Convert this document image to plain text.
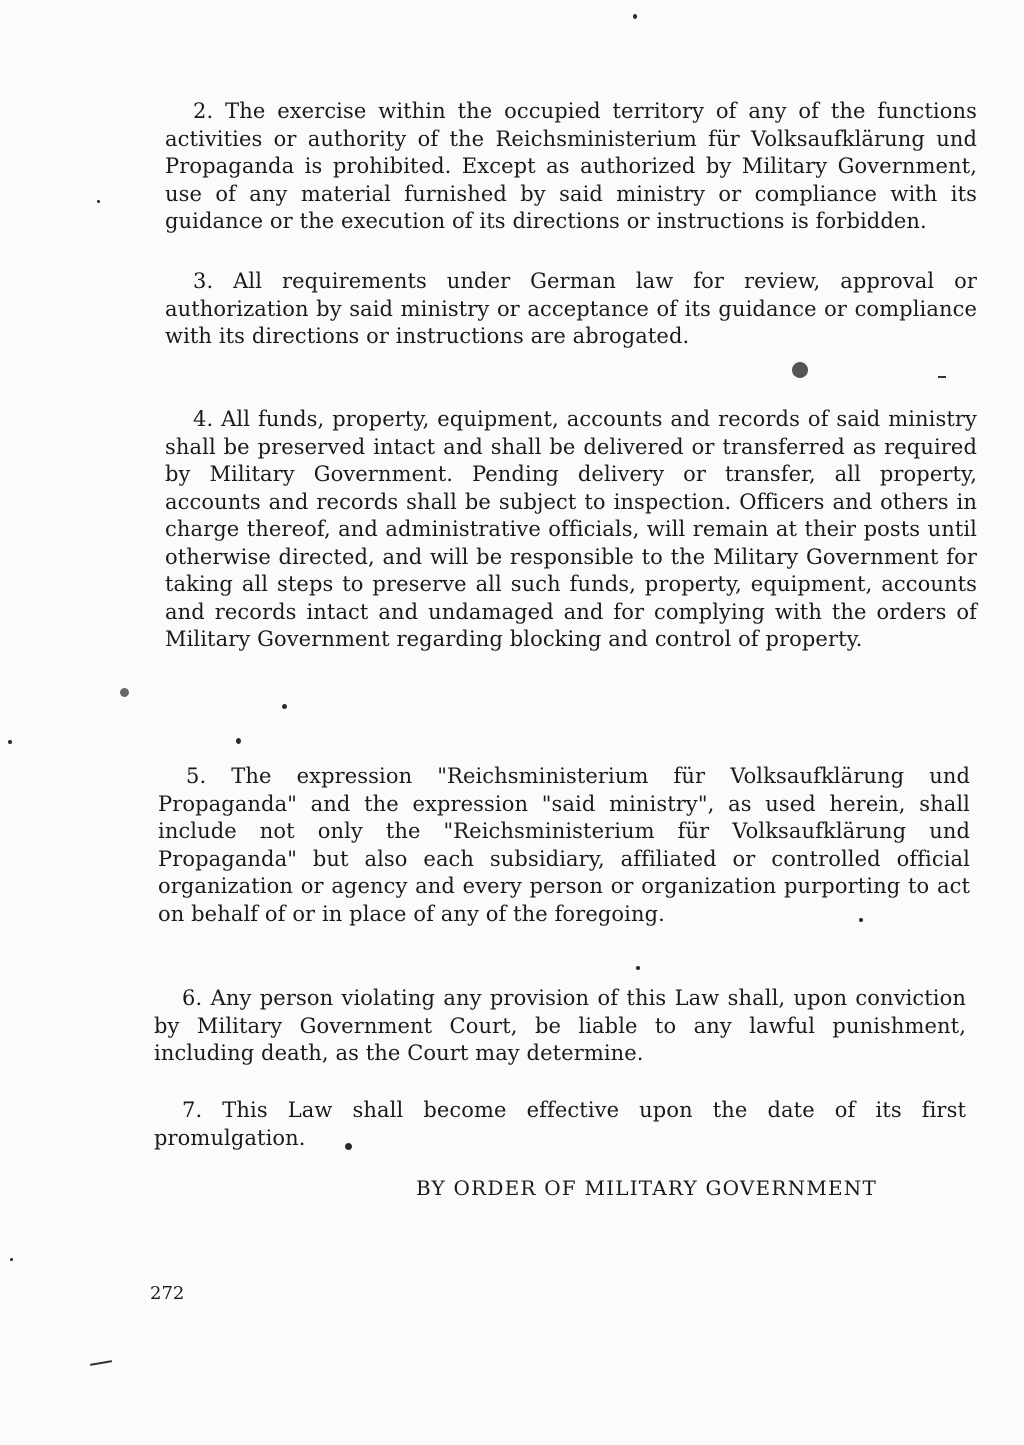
2. The exercise within the occupied territory of any of the functions activities or authority of the Reichsministerium für Volksaufklärung und Propaganda is prohibited. Except as authorized by Military Government, use of any material furnished by said ministry or compliance with its guidance or the execution of its directions or instructions is forbidden.

3. All requirements under German law for review, approval or authorization by said ministry or acceptance of its guidance or compliance with its directions or instructions are abrogated.

4. All funds, property, equipment, accounts and records of said ministry shall be preserved intact and shall be delivered or transferred as required by Military Government. Pending delivery or transfer, all property, accounts and records shall be subject to inspection. Officers and others in charge thereof, and administrative officials, will remain at their posts until otherwise directed, and will be responsible to the Military Government for taking all steps to preserve all such funds, property, equipment, accounts and records intact and undamaged and for complying with the orders of Military Government regarding blocking and control of property.

5. The expression "Reichsministerium für Volksaufklärung und Propaganda" and the expression "said ministry", as used herein, shall include not only the "Reichsministerium für Volksaufklärung und Propaganda" but also each subsidiary, affiliated or controlled official organization or agency and every person or organization purporting to act on behalf of or in place of any of the foregoing.

6. Any person violating any provision of this Law shall, upon conviction by Military Government Court, be liable to any lawful punishment, including death, as the Court may determine.

7. This Law shall become effective upon the date of its first promulgation.

BY ORDER OF MILITARY GOVERNMENT

272
